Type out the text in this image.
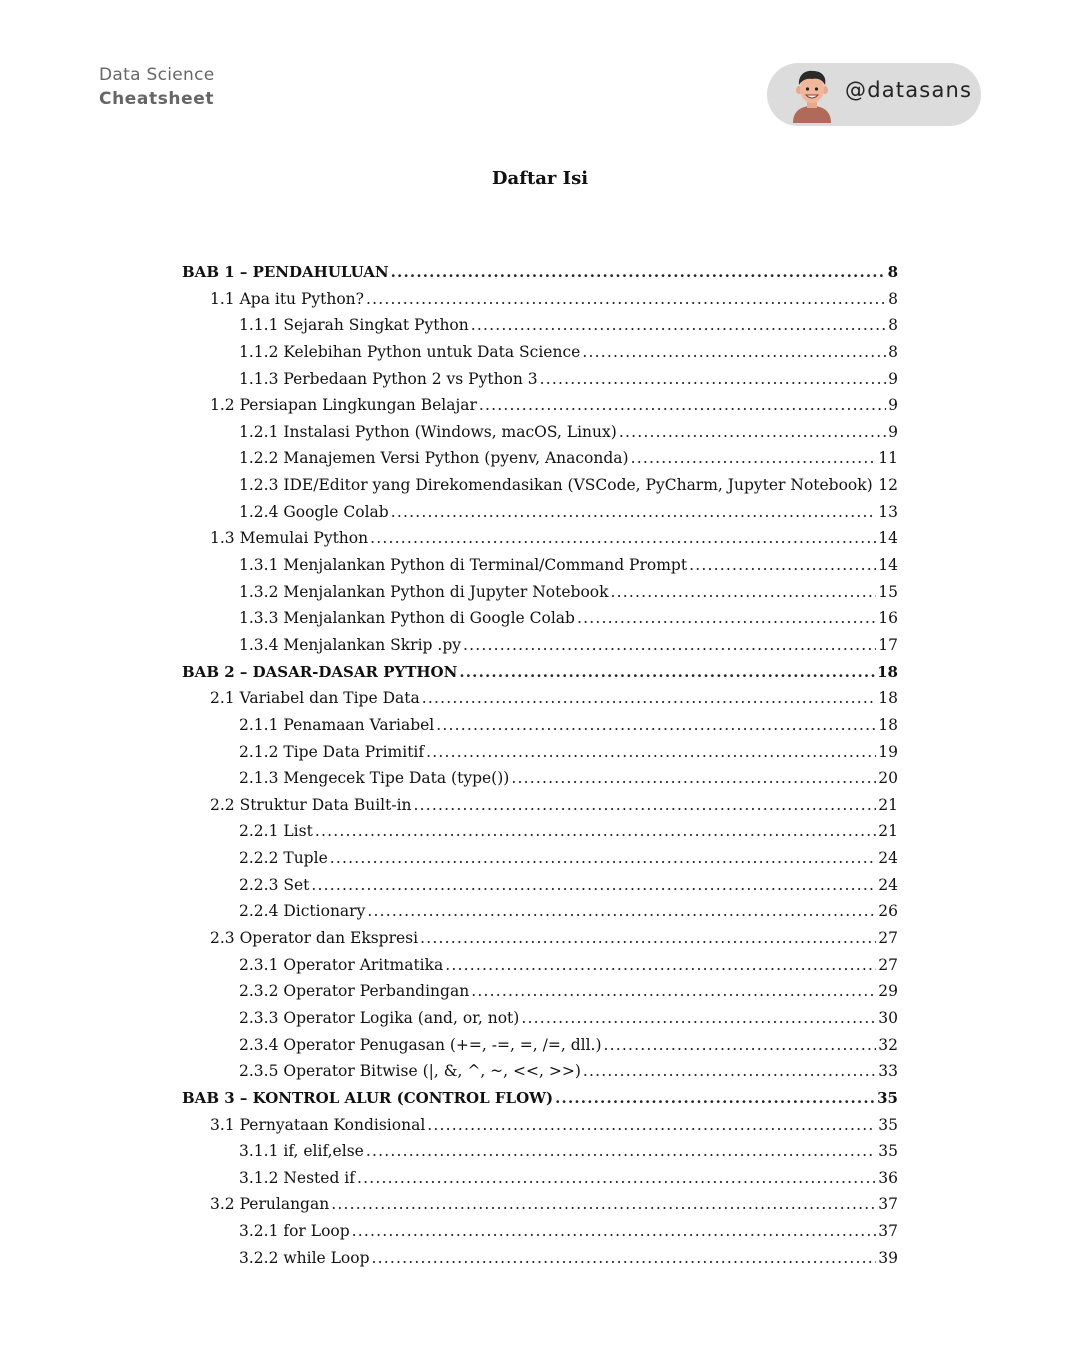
Data Science
Cheatsheet	@datasans
Daftar Isi
BAB 1 – PENDAHULUAN .....	8
1.1 Apa itu Python? .....	8
1.1.1 Sejarah Singkat Python .....	8
1.1.2 Kelebihan Python untuk Data Science .....	8
1.1.3 Perbedaan Python 2 vs Python 3 .....	9
1.2 Persiapan Lingkungan Belajar .....	9
1.2.1 Instalasi Python (Windows, macOS, Linux) .....	9
1.2.2 Manajemen Versi Python (pyenv, Anaconda) .....	11
1.2.3 IDE/Editor yang Direkomendasikan (VSCode, PyCharm, Jupyter Notebook) ..... 12
1.2.4 Google Colab .....	13
1.3 Memulai Python .....	14
1.3.1 Menjalankan Python di Terminal/Command Prompt .....	14
1.3.2 Menjalankan Python di Jupyter Notebook .....	15
1.3.3 Menjalankan Python di Google Colab .....	16
1.3.4 Menjalankan Skrip .py .....	17
BAB 2 – DASAR-DASAR PYTHON .....	18
2.1 Variabel dan Tipe Data .....	18
2.1.1 Penamaan Variabel .....	18
2.1.2 Tipe Data Primitif .....	19
2.1.3 Mengecek Tipe Data (type()) .....	20
2.2 Struktur Data Built-in .....	21
2.2.1 List .....	21
2.2.2 Tuple .....	24
2.2.3 Set .....	24
2.2.4 Dictionary .....	26
2.3 Operator dan Ekspresi .....	27
2.3.1 Operator Aritmatika .....	27
2.3.2 Operator Perbandingan .....	29
2.3.3 Operator Logika (and, or, not) .....	30
2.3.4 Operator Penugasan (+=, -=, =, /=, dll.) .....	32
2.3.5 Operator Bitwise (|, &, ^, ~, <<, >>) .....	33
BAB 3 – KONTROL ALUR (CONTROL FLOW) .....	35
3.1 Pernyataan Kondisional .....	35
3.1.1 if, elif,else .....	35
3.1.2 Nested if .....	36
3.2 Perulangan .....	37
3.2.1 for Loop .....	37
3.2.2 while Loop .....	39
